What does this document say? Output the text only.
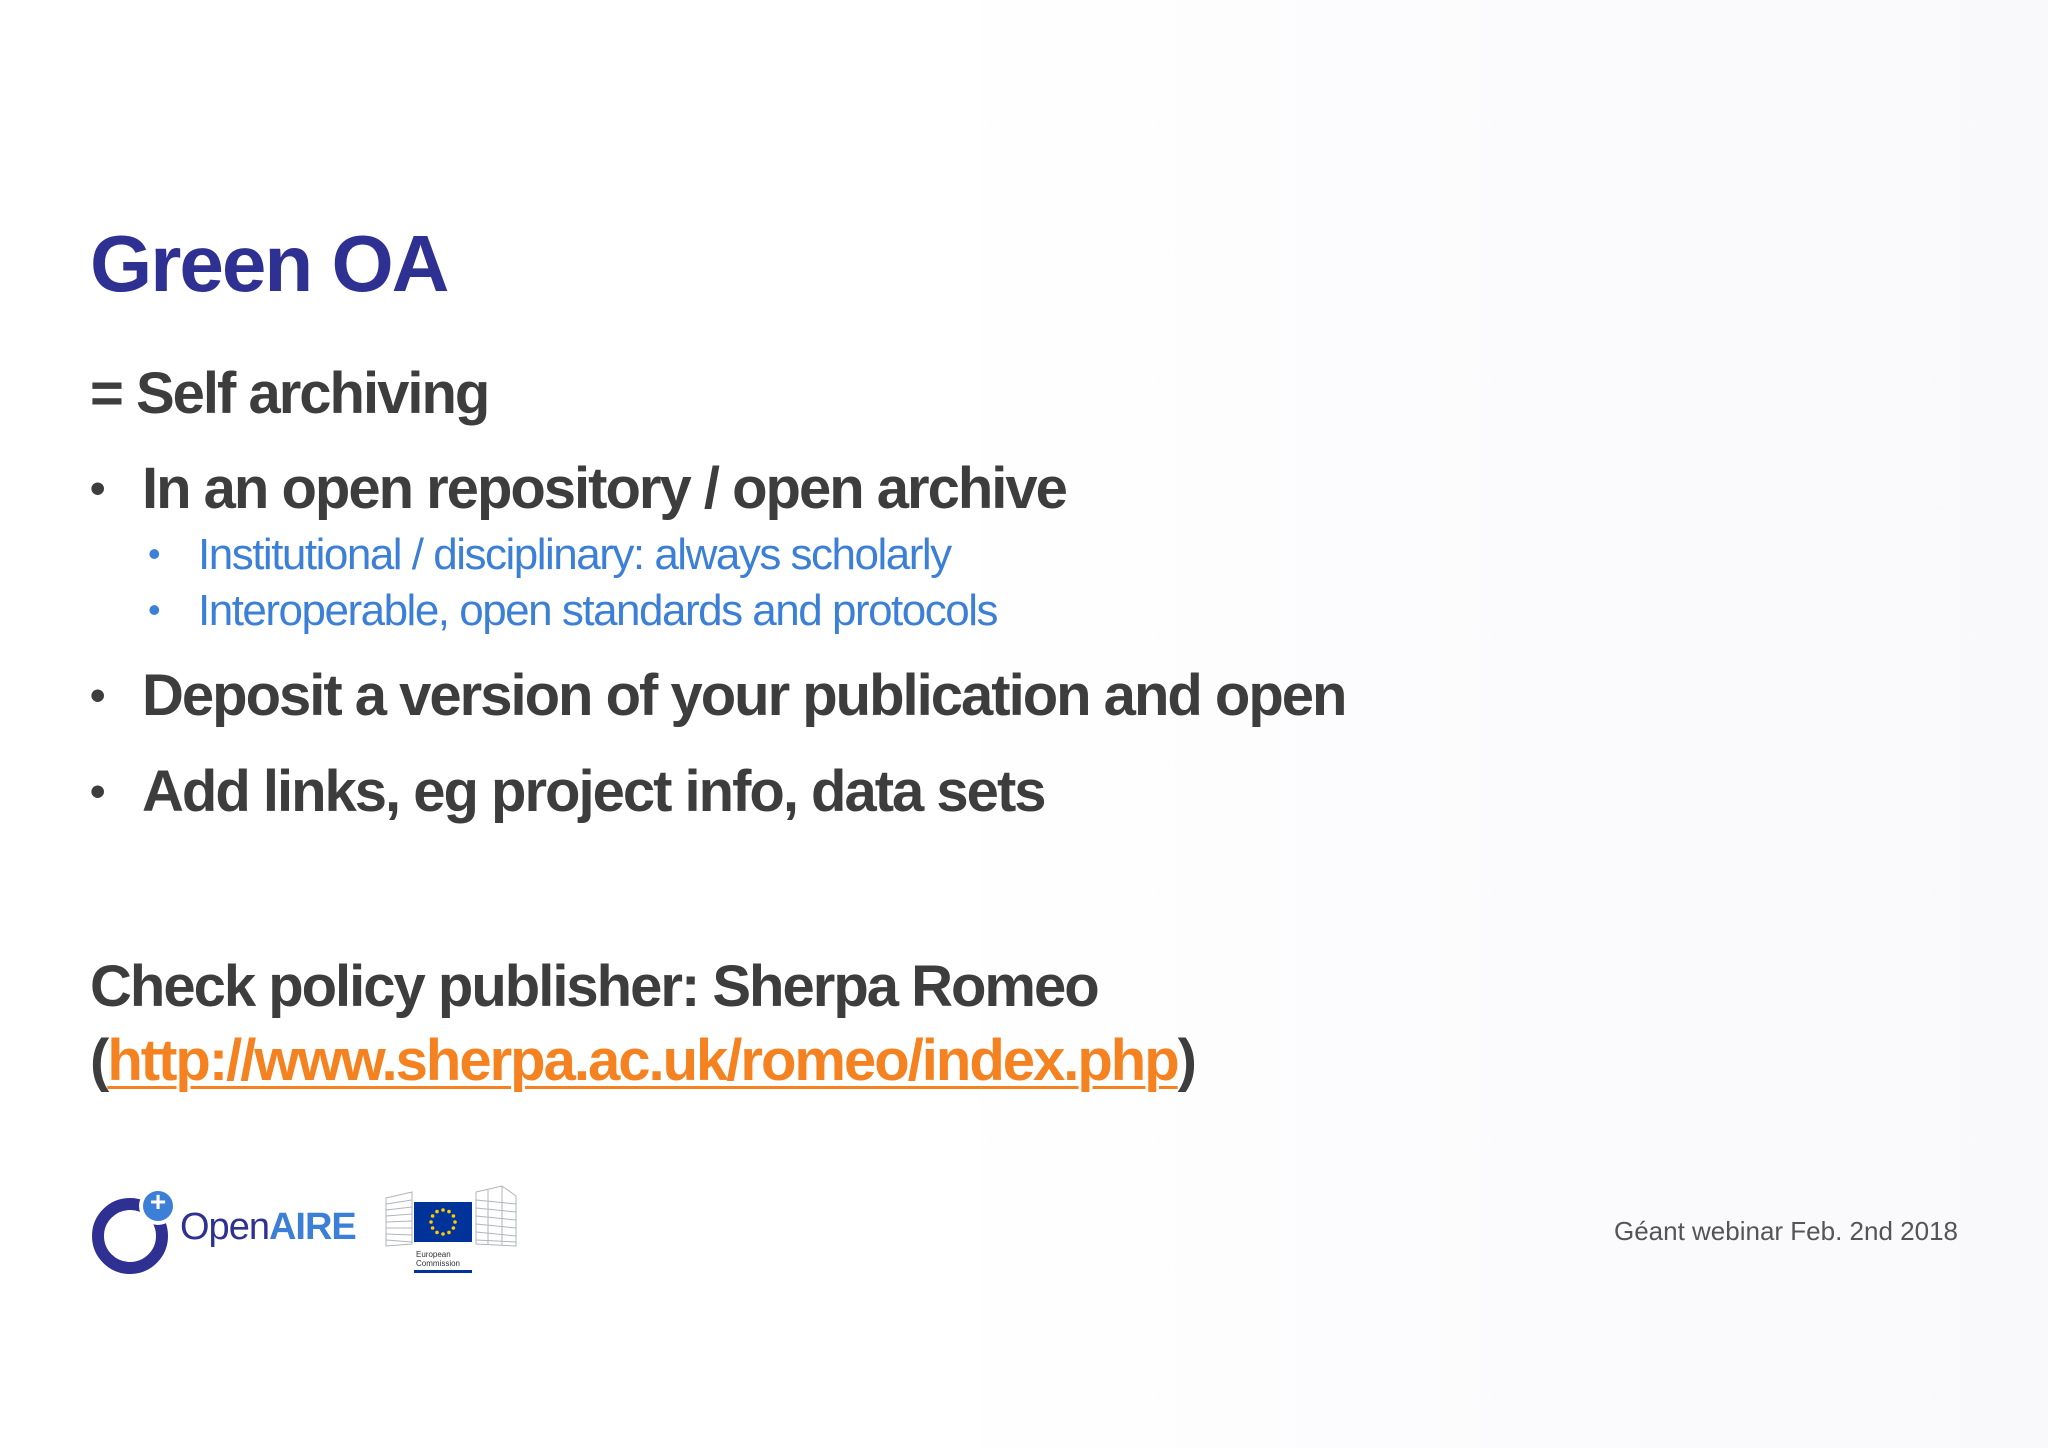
Green OA
= Self archiving
• In an open repository / open archive
• Institutional / disciplinary: always scholarly
• Interoperable, open standards and protocols
• Deposit a version of your publication and open
• Add links, eg project info, data sets
Check policy publisher: Sherpa Romeo
(http://www.sherpa.ac.uk/romeo/index.php)
+
OpenAIRE
European
Commission
Géant webinar Feb. 2nd 2018
